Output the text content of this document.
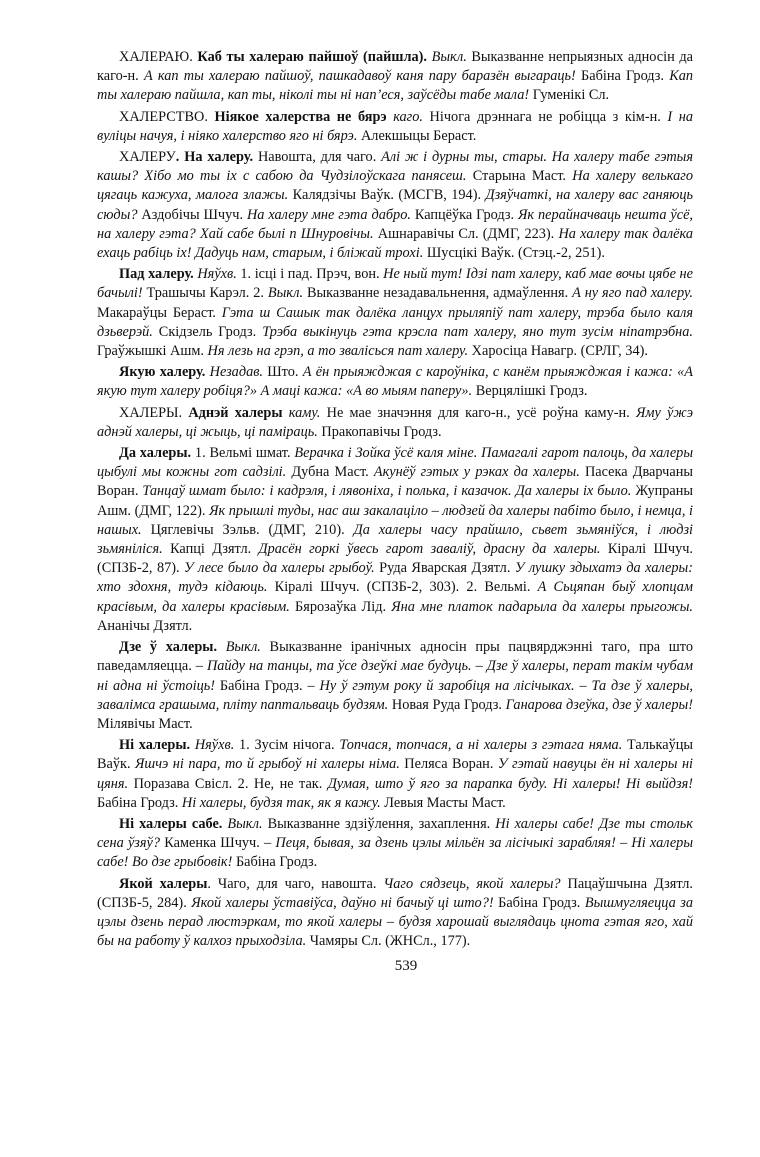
ХАЛЕРАЮ. Каб ты халераю пайшоў (пайшла). Выкл. Выказванне непрыязных адносін да каго-н. А кап ты халераю пайшоў, пашкадавоў каня пару баразён выгараць! Бабіна Гродз. Кап ты халераю пайшла, кап ты, ніколі ты ні нап’еся, заўсёды табе мала! Гуменікі Сл.

ХАЛЕРСТВО. Ніякое халерства не бярэ каго. Нічога дрэннага не робіцца з кім-н. І на вуліцы начуя, і ніяко халерство яго ні бярэ. Алекшыцы Бераст.

ХАЛЕРУ. На халеру. Навошта, для чаго. Алі ж і дурны ты, стары. На халеру табе гэтыя кашы? Хібо мо ты іх с сабою да Чудзілоўскага панясеш. Старына Маст. На халеру велькаго цягаць кажуха, малога злажы. Калядзічы Ваўк. (МСГВ, 194). Дзяўчаткі, на халеру вас ганяюць сюды? Аздобічы Шчуч. На халеру мне гэта дабро. Капцёўка Гродз. Як перайначваць нешта ўсё, на халеру гэта? Хай сабе былі п Шнуровічы. Ашнаравічы Сл. (ДМГ, 223). На халеру так далёка ехаць рабіць іх! Дадуць нам, старым, і бліжай трохі. Шусцікі Ваўк. (Стэц.-2, 251).

Пад халеру. Няўхв. 1. ісці і пад. Прэч, вон. Не ный тут! Ідзі пат халеру, каб мае вочы цябе не бачылі! Трашычы Карэл. 2. Выкл. Выказванне незадавальнення, адмаўлення. А ну яго пад халеру. Макараўцы Бераст. Гэта ш Сашык так далёка ланцух прыляпіў пат халеру, трэба было каля дзьверэй. Скідзель Гродз. Трэба выкінуць гэта крэсла пат халеру, яно тут зусім ніпатрэбна. Граўжышкі Ашм. Ня лезь на грэп, а то звалісься пат халеру. Харосіца Навагр. (СРЛГ, 34).

Якую халеру. Незадав. Што. А ён прыяжджая с кароўніка, с канём прыяжджая і кажа: «А якую тут халеру робіця?» А маці кажа: «А во мыям паперу». Верцялішкі Гродз.

ХАЛЕРЫ. Аднэй халеры каму. Не мае значэння для каго-н., усё роўна каму-н. Яму ўжэ аднэй халеры, ці жыць, ці паміраць. Пракопавічы Гродз.

Да халеры. 1. Вельмі шмат. Верачка і Зойка ўсё каля міне. Памагалі гарот палоць, да халеры цыбулі мы кожны гот садзілі. Дубна Маст. Акунёў гэтых у рэках да халеры. Пасека Дварчаны Воран. Танцаў шмат было: і кадрэля, і лявоніха, і полька, і казачок. Да халеры іх было. Жупраны Ашм. (ДМГ, 122). Як прышлі туды, нас аш закалаціло – людзей да халеры пабіто было, і немца, і нашых. Цяглевічы Зэльв. (ДМГ, 210). Да халеры часу прайшло, сьвет зьмяніўся, і людзі зьмяніліся. Капці Дзятл. Драсён горкі ўвесь гарот заваліў, драсну да халеры. Кіралі Шчуч. (СПЗБ-2, 87). У лесе было да халеры грыбоў. Руда Яварская Дзятл. У лушку здыхатэ да халеры: хто здохня, тудэ кідаюць. Кіралі Шчуч. (СПЗБ-2, 303). 2. Вельмі. А Сьцяпан быў хлопцам красівым, да халеры красівым. Бярозаўка Лід. Яна мне платок падарыла да халеры прыгожы. Ананічы Дзятл.

Дзе ў халеры. Выкл. Выказванне іранічных адносін пры пацвярджэнні таго, пра што паведамляецца. – Пайду на танцы, та ўсе дзеўкі мае будуць. – Дзе ў халеры, перат такім чубам ні адна ні ўстоіць! Бабіна Гродз. – Ну ў гэтум року й заробіця на лісічыках. – Та дзе ў халеры, завалімса грашыма, пліту паптальваць будзям. Новая Руда Гродз. Ганарова дзеўка, дзе ў халеры! Мілявічы Маст.

Ні халеры. Няўхв. 1. Зусім нічога. Топчася, топчася, а ні халеры з гэтага няма. Талькаўцы Ваўк. Яшчэ ні пара, то й грыбоў ні халеры німа. Пеляса Воран. У гэтай навуцы ён ні халеры ні цяня. Поразава Свісл. 2. Не, не так. Думая, што ў яго за парапка буду. Ні халеры! Ні выйдзя! Бабіна Гродз. Ні халеры, будзя так, як я кажу. Левыя Масты Маст.

Ні халеры сабе. Выкл. Выказванне здзіўлення, захаплення. Ні халеры сабе! Дзе ты стольк сена ўзяў? Каменка Шчуч. – Пеця, бывая, за дзень цэлы мільён за лісічыкі зарабляя! – Ні халеры сабе! Во дзе грыбовік! Бабіна Гродз.

Якой халеры. Чаго, для чаго, навошта. Чаго сядзець, якой халеры? Пацаўшчына Дзятл. (СПЗБ-5, 284). Якой халеры ўставіўса, даўно ні бачыў ці што?! Бабіна Гродз. Вышмугляецца за цэлы дзень перад люстэркам, то якой халеры – будзя харошай выглядаць цнота гэтая яго, хай бы на работу ў калхоз прыходзіла. Чамяры Сл. (ЖНСл., 177).

539
